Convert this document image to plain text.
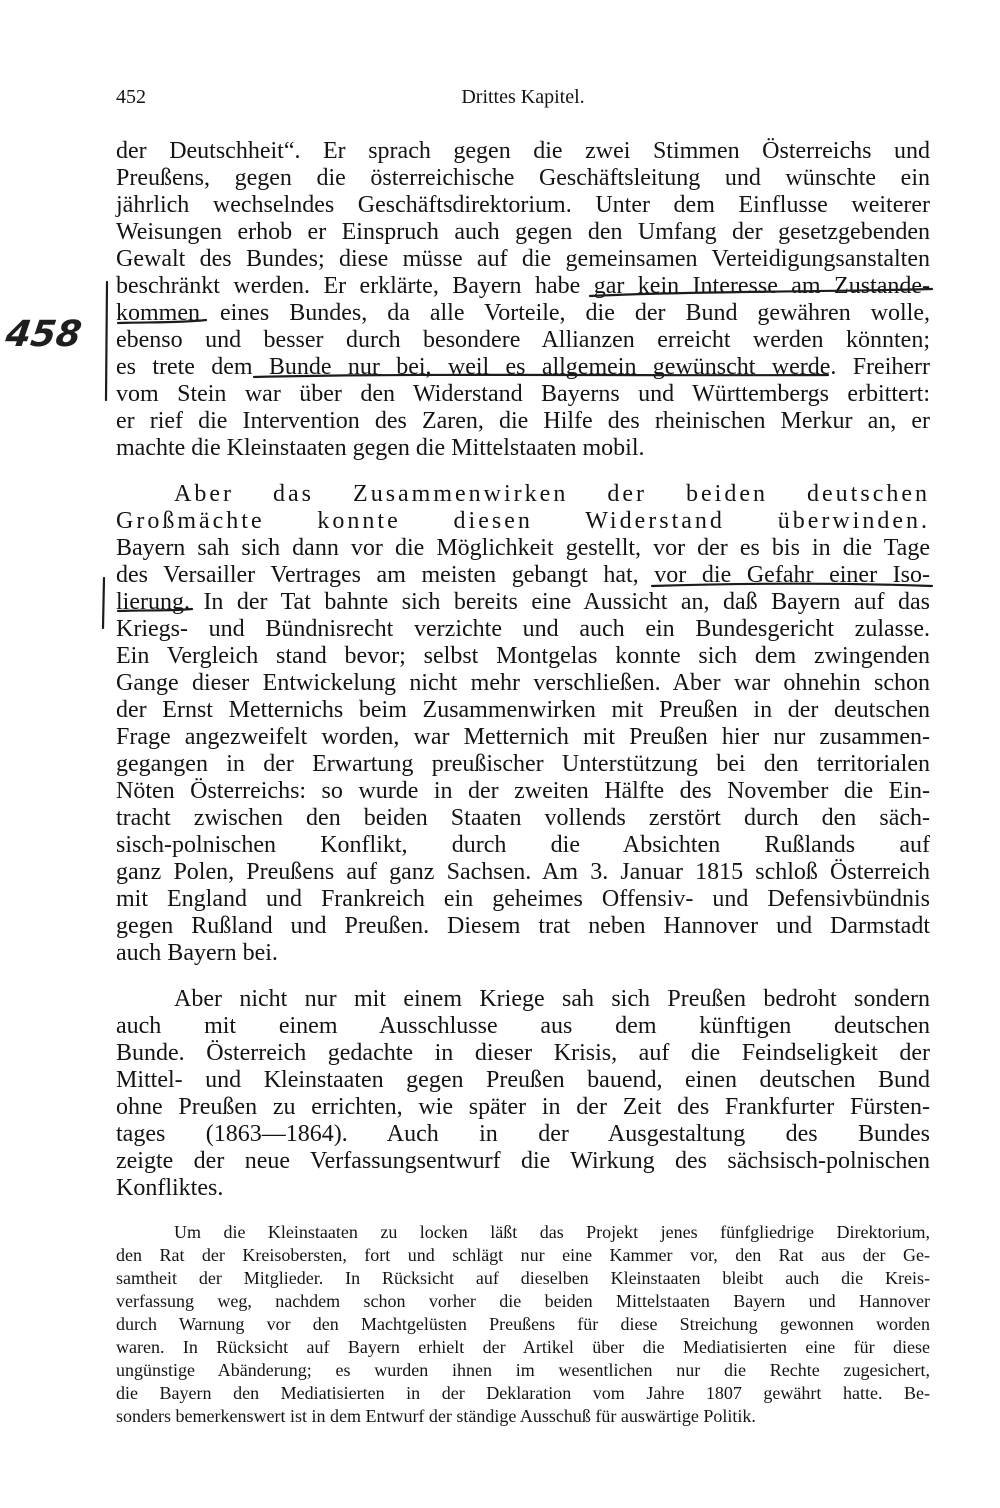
452	Drittes Kapitel.
458
der Deutschheit“. Er sprach gegen die zwei Stimmen Österreichs und
Preußens, gegen die österreichische Geschäftsleitung und wünschte ein
jährlich wechselndes Geschäftsdirektorium. Unter dem Einflusse weiterer
Weisungen erhob er Einspruch auch gegen den Umfang der gesetzgebenden
Gewalt des Bundes; diese müsse auf die gemeinsamen Verteidigungsanstalten
beschränkt werden. Er erklärte, Bayern habe gar kein Interesse am Zustande-
kommen eines Bundes, da alle Vorteile, die der Bund gewähren wolle,
ebenso und besser durch besondere Allianzen erreicht werden könnten;
es trete dem Bunde nur bei, weil es allgemein gewünscht werde. Freiherr
vom Stein war über den Widerstand Bayerns und Württembergs erbittert:
er rief die Intervention des Zaren, die Hilfe des rheinischen Merkur an, er
machte die Kleinstaaten gegen die Mittelstaaten mobil.
Aber das Zusammenwirken der beiden deutschen
Großmächte konnte diesen Widerstand überwinden.
Bayern sah sich dann vor die Möglichkeit gestellt, vor der es bis in die Tage
des Versailler Vertrages am meisten gebangt hat, vor die Gefahr einer Iso-
lierung. In der Tat bahnte sich bereits eine Aussicht an, daß Bayern auf das
Kriegs- und Bündnisrecht verzichte und auch ein Bundesgericht zulasse.
Ein Vergleich stand bevor; selbst Montgelas konnte sich dem zwingenden
Gange dieser Entwickelung nicht mehr verschließen. Aber war ohnehin schon
der Ernst Metternichs beim Zusammenwirken mit Preußen in der deutschen
Frage angezweifelt worden, war Metternich mit Preußen hier nur zusammen-
gegangen in der Erwartung preußischer Unterstützung bei den territorialen
Nöten Österreichs: so wurde in der zweiten Hälfte des November die Ein-
tracht zwischen den beiden Staaten vollends zerstört durch den säch-
sisch-polnischen Konflikt, durch die Absichten Rußlands auf
ganz Polen, Preußens auf ganz Sachsen. Am 3. Januar 1815 schloß Österreich
mit England und Frankreich ein geheimes Offensiv- und Defensivbündnis
gegen Rußland und Preußen. Diesem trat neben Hannover und Darmstadt
auch Bayern bei.
Aber nicht nur mit einem Kriege sah sich Preußen bedroht sondern
auch mit einem Ausschlusse aus dem künftigen deutschen
Bunde. Österreich gedachte in dieser Krisis, auf die Feindseligkeit der
Mittel- und Kleinstaaten gegen Preußen bauend, einen deutschen Bund
ohne Preußen zu errichten, wie später in der Zeit des Frankfurter Fürsten-
tages (1863—1864). Auch in der Ausgestaltung des Bundes
zeigte der neue Verfassungsentwurf die Wirkung des sächsisch-polnischen
Konfliktes.
Um die Kleinstaaten zu locken läßt das Projekt jenes fünfgliedrige Direktorium,
den Rat der Kreisobersten, fort und schlägt nur eine Kammer vor, den Rat aus der Ge-
samtheit der Mitglieder. In Rücksicht auf dieselben Kleinstaaten bleibt auch die Kreis-
verfassung weg, nachdem schon vorher die beiden Mittelstaaten Bayern und Hannover
durch Warnung vor den Machtgelüsten Preußens für diese Streichung gewonnen worden
waren. In Rücksicht auf Bayern erhielt der Artikel über die Mediatisierten eine für diese
ungünstige Abänderung; es wurden ihnen im wesentlichen nur die Rechte zugesichert,
die Bayern den Mediatisierten in der Deklaration vom Jahre 1807 gewährt hatte. Be-
sonders bemerkenswert ist in dem Entwurf der ständige Ausschuß für auswärtige Politik.
